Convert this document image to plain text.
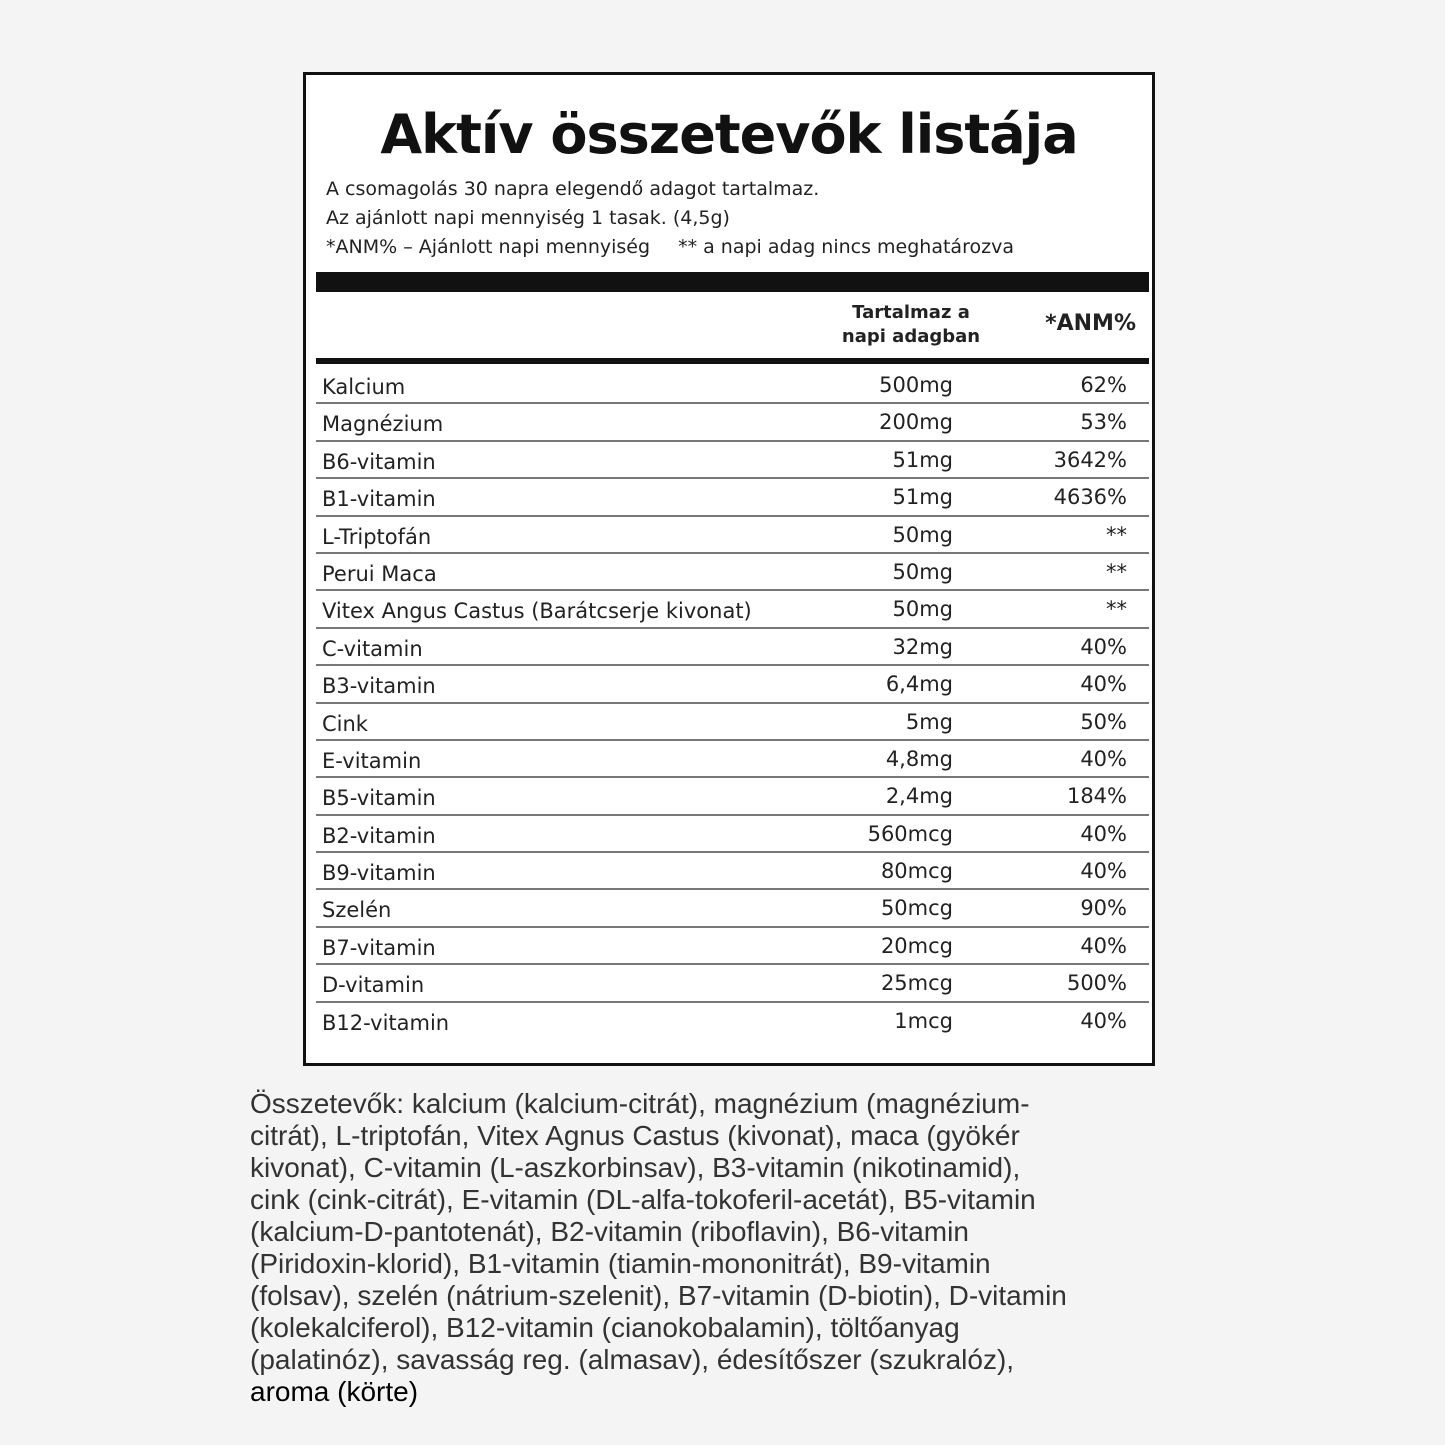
Aktív összetevők listája
A csomagolás 30 napra elegendő adagot tartalmaz.
Az ajánlott napi mennyiség 1 tasak. (4,5g)
*ANM% – Ajánlott napi mennyiség ** a napi adag nincs meghatározva
Tartalmaz a
napi adagban
*ANM%
Kalcium	500mg	62%
Magnézium	200mg	53%
B6-vitamin	51mg	3642%
B1-vitamin	51mg	4636%
L-Triptofán	50mg	**
Perui Maca	50mg	**
Vitex Angus Castus (Barátcserje kivonat)	50mg	**
C-vitamin	32mg	40%
B3-vitamin	6,4mg	40%
Cink	5mg	50%
E-vitamin	4,8mg	40%
B5-vitamin	2,4mg	184%
B2-vitamin	560mcg	40%
B9-vitamin	80mcg	40%
Szelén	50mcg	90%
B7-vitamin	20mcg	40%
D-vitamin	25mcg	500%
B12-vitamin	1mcg	40%
Összetevők: kalcium (kalcium-citrát), magnézium (magnézium-
citrát), L-triptofán, Vitex Agnus Castus (kivonat), maca (gyökér
kivonat), C-vitamin (L-aszkorbinsav), B3-vitamin (nikotinamid),
cink (cink-citrát), E-vitamin (DL-alfa-tokoferil-acetát), B5-vitamin
(kalcium-D-pantotenát), B2-vitamin (riboflavin), B6-vitamin
(Piridoxin-klorid), B1-vitamin (tiamin-mononitrát), B9-vitamin
(folsav), szelén (nátrium-szelenit), B7-vitamin (D-biotin), D-vitamin
(kolekalciferol), B12-vitamin (cianokobalamin), töltőanyag
(palatinóz), savasság reg. (almasav), édesítőszer (szukralóz),
aroma (körte)
